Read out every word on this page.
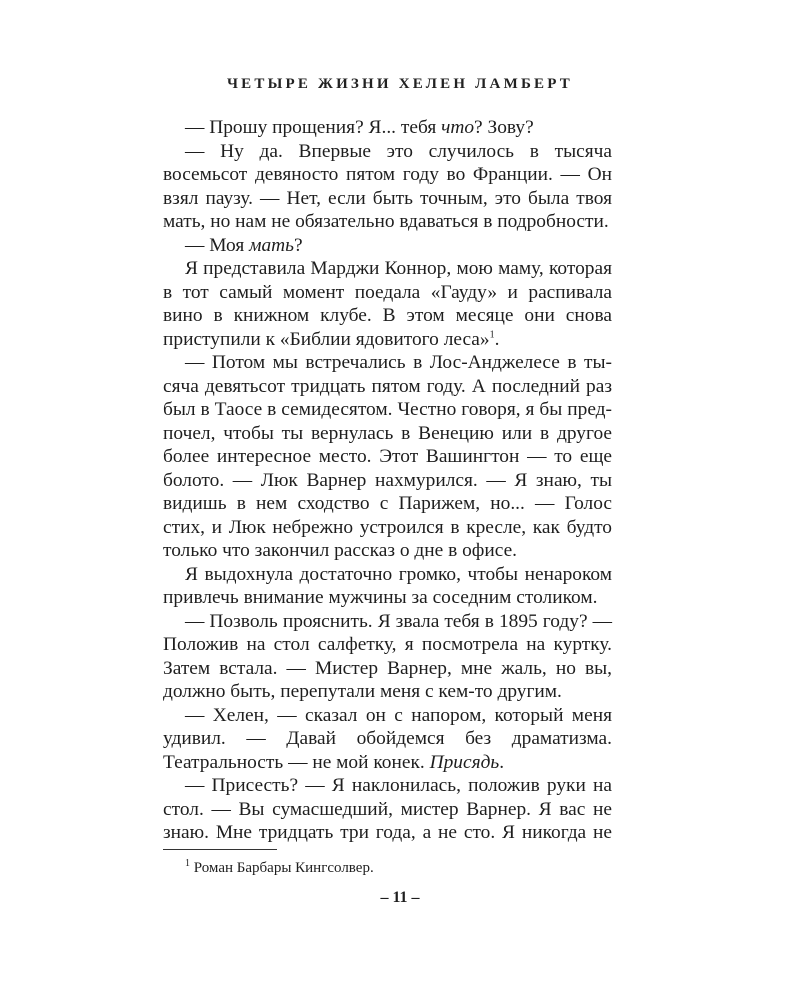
ЧЕТЫРЕ ЖИЗНИ ХЕЛЕН ЛАМБЕРТ

— Прошу прощения? Я... тебя что? Зову?

— Ну да. Впервые это случилось в тысяча восемьсот девяносто пятом году во Франции. — Он взял паузу. — Нет, если быть точным, это была твоя мать, но нам не обязательно вдаваться в подробности.

— Моя мать?

Я представила Марджи Коннор, мою маму, которая в тот самый момент поедала «Гауду» и распивала вино в книжном клубе. В этом месяце они снова приступили к «Библии ядовитого леса»$^1$.

— Потом мы встречались в Лос-Анджелесе в тысяча девятьсот тридцать пятом году. А последний раз был в Таосе в семидесятом. Честно говоря, я бы предпочел, чтобы ты вернулась в Венецию или в другое более интересное место. Этот Вашингтон — то еще болото. — Люк Варнер нахмурился. — Я знаю, ты видишь в нем сходство с Парижем, но... — Голос стих, и Люк небрежно устроился в кресле, как будто только что закончил рассказ о дне в офисе.

Я выдохнула достаточно громко, чтобы ненароком привлечь внимание мужчины за соседним столиком.

— Позволь прояснить. Я звала тебя в 1895 году? — Положив на стол салфетку, я посмотрела на куртку. Затем встала. — Мистер Варнер, мне жаль, но вы, должно быть, перепутали меня с кем-то другим.

— Хелен, — сказал он с напором, который меня удивил. — Давай обойдемся без драматизма. Театральность — не мой конек. Присядь.

— Присесть? — Я наклонилась, положив руки на стол. — Вы сумасшедший, мистер Варнер. Я вас не знаю. Мне тридцать три года, а не сто. Я никогда не

$^1$ Роман Барбары Кингсолвер.
– 11 –
